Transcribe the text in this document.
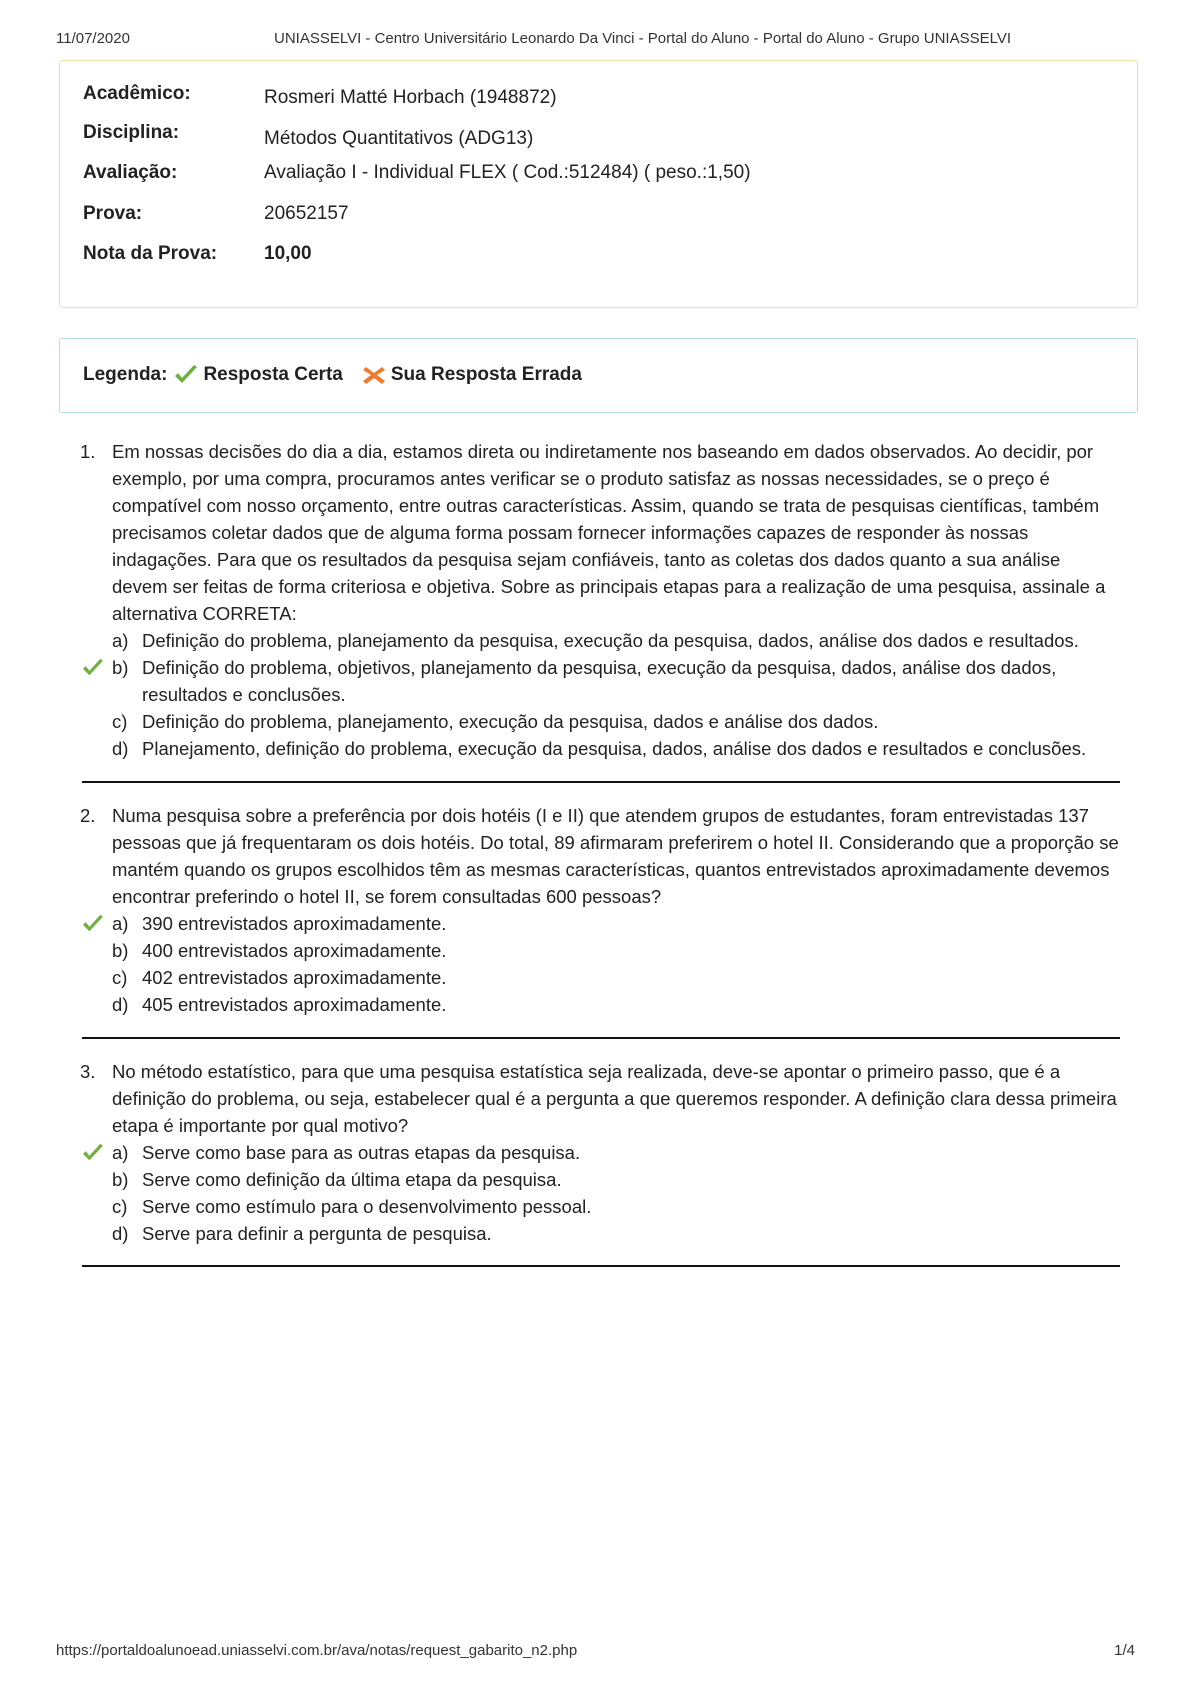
11/07/2020	UNIASSELVI - Centro Universitário Leonardo Da Vinci - Portal do Aluno - Portal do Aluno - Grupo UNIASSELVI
Acadêmico:	Rosmeri Matté Horbach (1948872)
Disciplina:	Métodos Quantitativos (ADG13)
Avaliação:	Avaliação I - Individual FLEX ( Cod.:512484) ( peso.:1,50)
Prova:	20652157
Nota da Prova: 10,00
Legenda: Resposta Certa	Sua Resposta Errada
1. Em nossas decisões do dia a dia, estamos direta ou indiretamente nos baseando em dados observados. Ao decidir, por exemplo, por uma compra, procuramos antes verificar se o produto satisfaz as nossas necessidades, se o preço é compatível com nosso orçamento, entre outras características. Assim, quando se trata de pesquisas científicas, também precisamos coletar dados que de alguma forma possam fornecer informações capazes de responder às nossas indagações. Para que os resultados da pesquisa sejam confiáveis, tanto as coletas dos dados quanto a sua análise devem ser feitas de forma criteriosa e objetiva. Sobre as principais etapas para a realização de uma pesquisa, assinale a alternativa CORRETA:
a) Definição do problema, planejamento da pesquisa, execução da pesquisa, dados, análise dos dados e resultados.
b) Definição do problema, objetivos, planejamento da pesquisa, execução da pesquisa, dados, análise dos dados, resultados e conclusões.
c) Definição do problema, planejamento, execução da pesquisa, dados e análise dos dados.
d) Planejamento, definição do problema, execução da pesquisa, dados, análise dos dados e resultados e conclusões.
2. Numa pesquisa sobre a preferência por dois hotéis (I e II) que atendem grupos de estudantes, foram entrevistadas 137 pessoas que já frequentaram os dois hotéis. Do total, 89 afirmaram preferirem o hotel II. Considerando que a proporção se mantém quando os grupos escolhidos têm as mesmas características, quantos entrevistados aproximadamente devemos encontrar preferindo o hotel II, se forem consultadas 600 pessoas?
a) 390 entrevistados aproximadamente.
b) 400 entrevistados aproximadamente.
c) 402 entrevistados aproximadamente.
d) 405 entrevistados aproximadamente.
3. No método estatístico, para que uma pesquisa estatística seja realizada, deve-se apontar o primeiro passo, que é a definição do problema, ou seja, estabelecer qual é a pergunta a que queremos responder. A definição clara dessa primeira etapa é importante por qual motivo?
a) Serve como base para as outras etapas da pesquisa.
b) Serve como definição da última etapa da pesquisa.
c) Serve como estímulo para o desenvolvimento pessoal.
d) Serve para definir a pergunta de pesquisa.
https://portaldoalunoead.uniasselvi.com.br/ava/notas/request_gabarito_n2.php	1/4
